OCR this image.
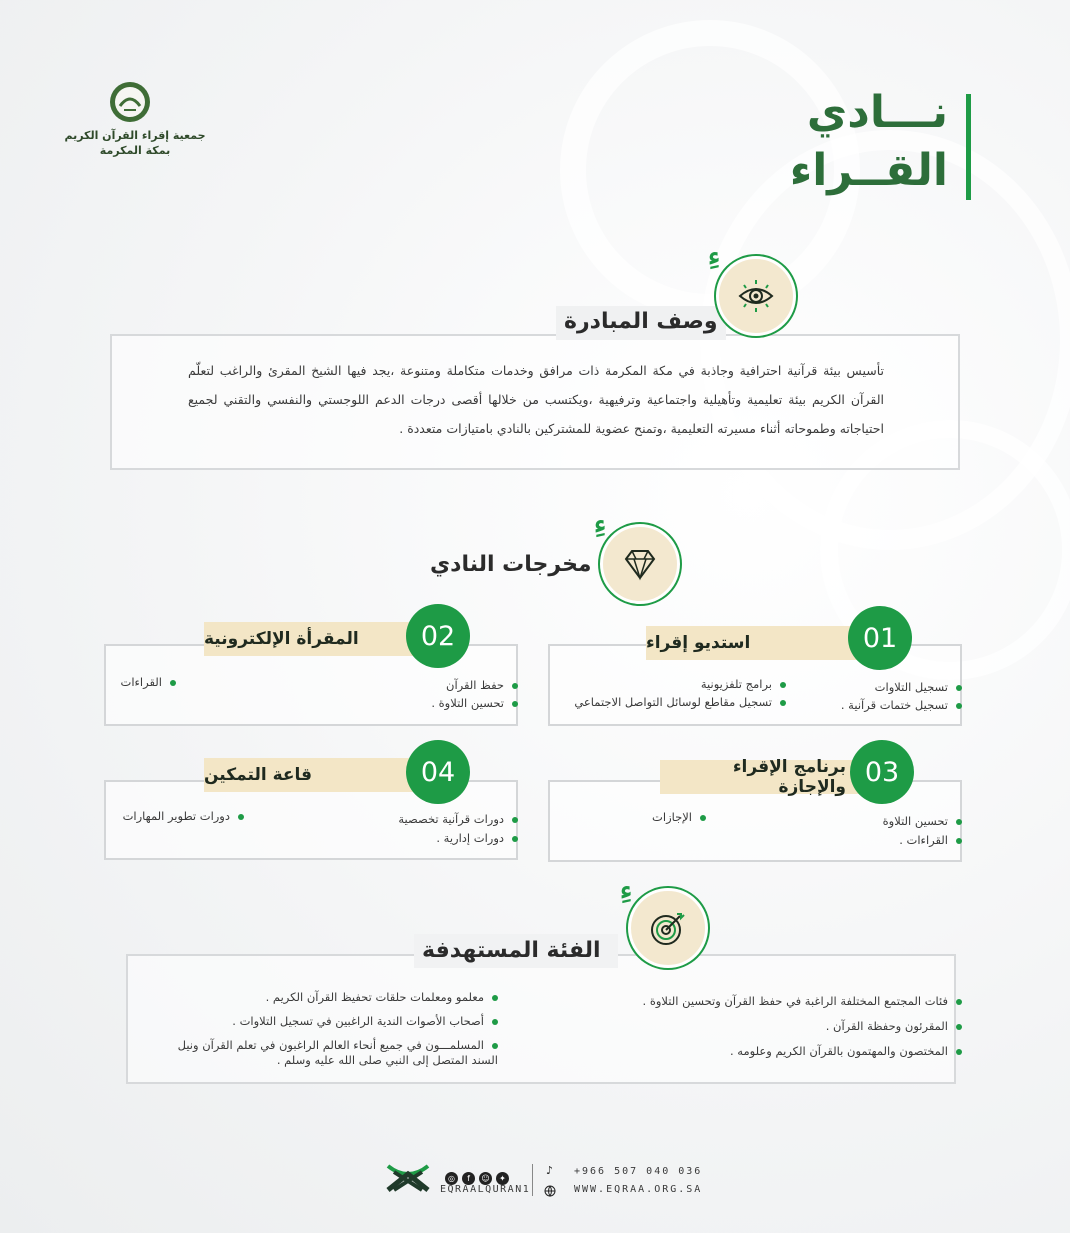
جمعية إقراء القرآن الكريم
بمكة المكرمة
نـــادي
القــراء
وصف المبادرة
ءِ
تأسيس بيئة قرآنية احترافية وجاذبة في مكة المكرمة ذات مرافق وخدمات متكاملة ومتنوعة ،يجد فيها الشيخ المقرئ والراغب لتعلّم القرآن الكريم بيئة تعليمية وتأهيلية واجتماعية وترفيهية ،ويكتسب من خلالها أقصى درجات الدعم اللوجستي والنفسي والتقني لجميع احتياجاته وطموحاته أثناء مسيرته التعليمية ،وتمنح عضوية للمشتركين بالنادي بامتيازات متعددة .
مخرجات النادي
ءِ
استديو إقراء	01
تسجيل التلاوات
تسجيل ختمات قرآنية .
برامج تلفزيونية
تسجيل مقاطع لوسائل التواصل الاجتماعي
المقرأة الإلكترونية	02
حفظ القرآن
تحسين التلاوة .
القراءات
برنامج الإقراء والإجازة 03
تحسين التلاوة
القراءات .
الإجازات
قاعة التمكين	04
دورات قرآنية تخصصية
دورات إدارية .
دورات تطوير المهارات
الفئة المستهدفة
ءِ
فئات المجتمع المختلفة الراغبة في حفظ القرآن وتحسين التلاوة .
المقرئون وحفظة القرآن .
المختصون والمهتمون بالقرآن الكريم وعلومه .
معلمو ومعلمات حلقات تحفيظ القرآن الكريم .
أصحاب الأصوات الندية الراغبين في تسجيل التلاوات .
المسلمـــون في جميع أنحاء العالم الراغبون في تعلم القرآن ونيل السند المتصل إلى النبي صلى الله عليه وسلم .
◎ f ☺ ✦
EQRAALQURAN1
♪ +966 507 040 036
WWW.EQRAA.ORG.SA
